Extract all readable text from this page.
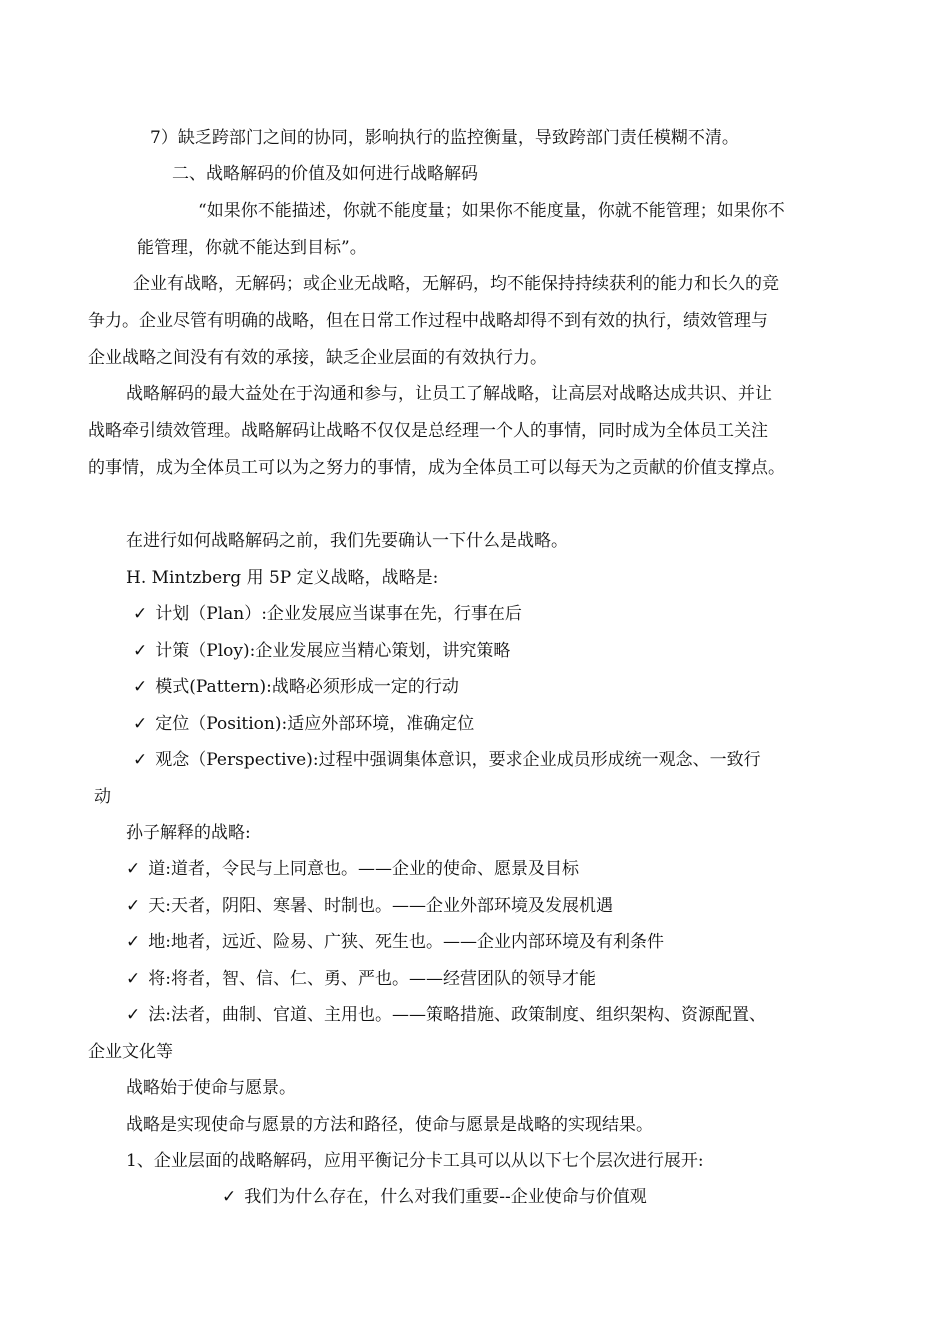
7）缺乏跨部门之间的协同，影响执行的监控衡量，导致跨部门责任模糊不清。
二、战略解码的价值及如何进行战略解码
“如果你不能描述，你就不能度量；如果你不能度量，你就不能管理；如果你不
能管理，你就不能达到目标”。
企业有战略，无解码；或企业无战略，无解码，均不能保持持续获利的能力和长久的竞
争力。企业尽管有明确的战略，但在日常工作过程中战略却得不到有效的执行，绩效管理与
企业战略之间没有有效的承接，缺乏企业层面的有效执行力。
战略解码的最大益处在于沟通和参与，让员工了解战略，让高层对战略达成共识、并让
战略牵引绩效管理。战略解码让战略不仅仅是总经理一个人的事情，同时成为全体员工关注
的事情，成为全体员工可以为之努力的事情，成为全体员工可以每天为之贡献的价值支撑点。
在进行如何战略解码之前，我们先要确认一下什么是战略。
H. Mintzberg 用 5P 定义战略，战略是:
✓ 计划（Plan）:企业发展应当谋事在先，行事在后
✓ 计策（Ploy):企业发展应当精心策划，讲究策略
✓ 模式(Pattern):战略必须形成一定的行动
✓ 定位（Position):适应外部环境，准确定位
✓ 观念（Perspective):过程中强调集体意识，要求企业成员形成统一观念、一致行
动
孙子解释的战略:
✓ 道:道者，令民与上同意也。——企业的使命、愿景及目标
✓ 天:天者，阴阳、寒暑、时制也。——企业外部环境及发展机遇
✓ 地:地者，远近、险易、广狭、死生也。——企业内部环境及有利条件
✓ 将:将者，智、信、仁、勇、严也。——经营团队的领导才能
✓ 法:法者，曲制、官道、主用也。——策略措施、政策制度、组织架构、资源配置、
企业文化等
战略始于使命与愿景。
战略是实现使命与愿景的方法和路径，使命与愿景是战略的实现结果。
1、企业层面的战略解码，应用平衡记分卡工具可以从以下七个层次进行展开:
✓ 我们为什么存在，什么对我们重要--企业使命与价值观
